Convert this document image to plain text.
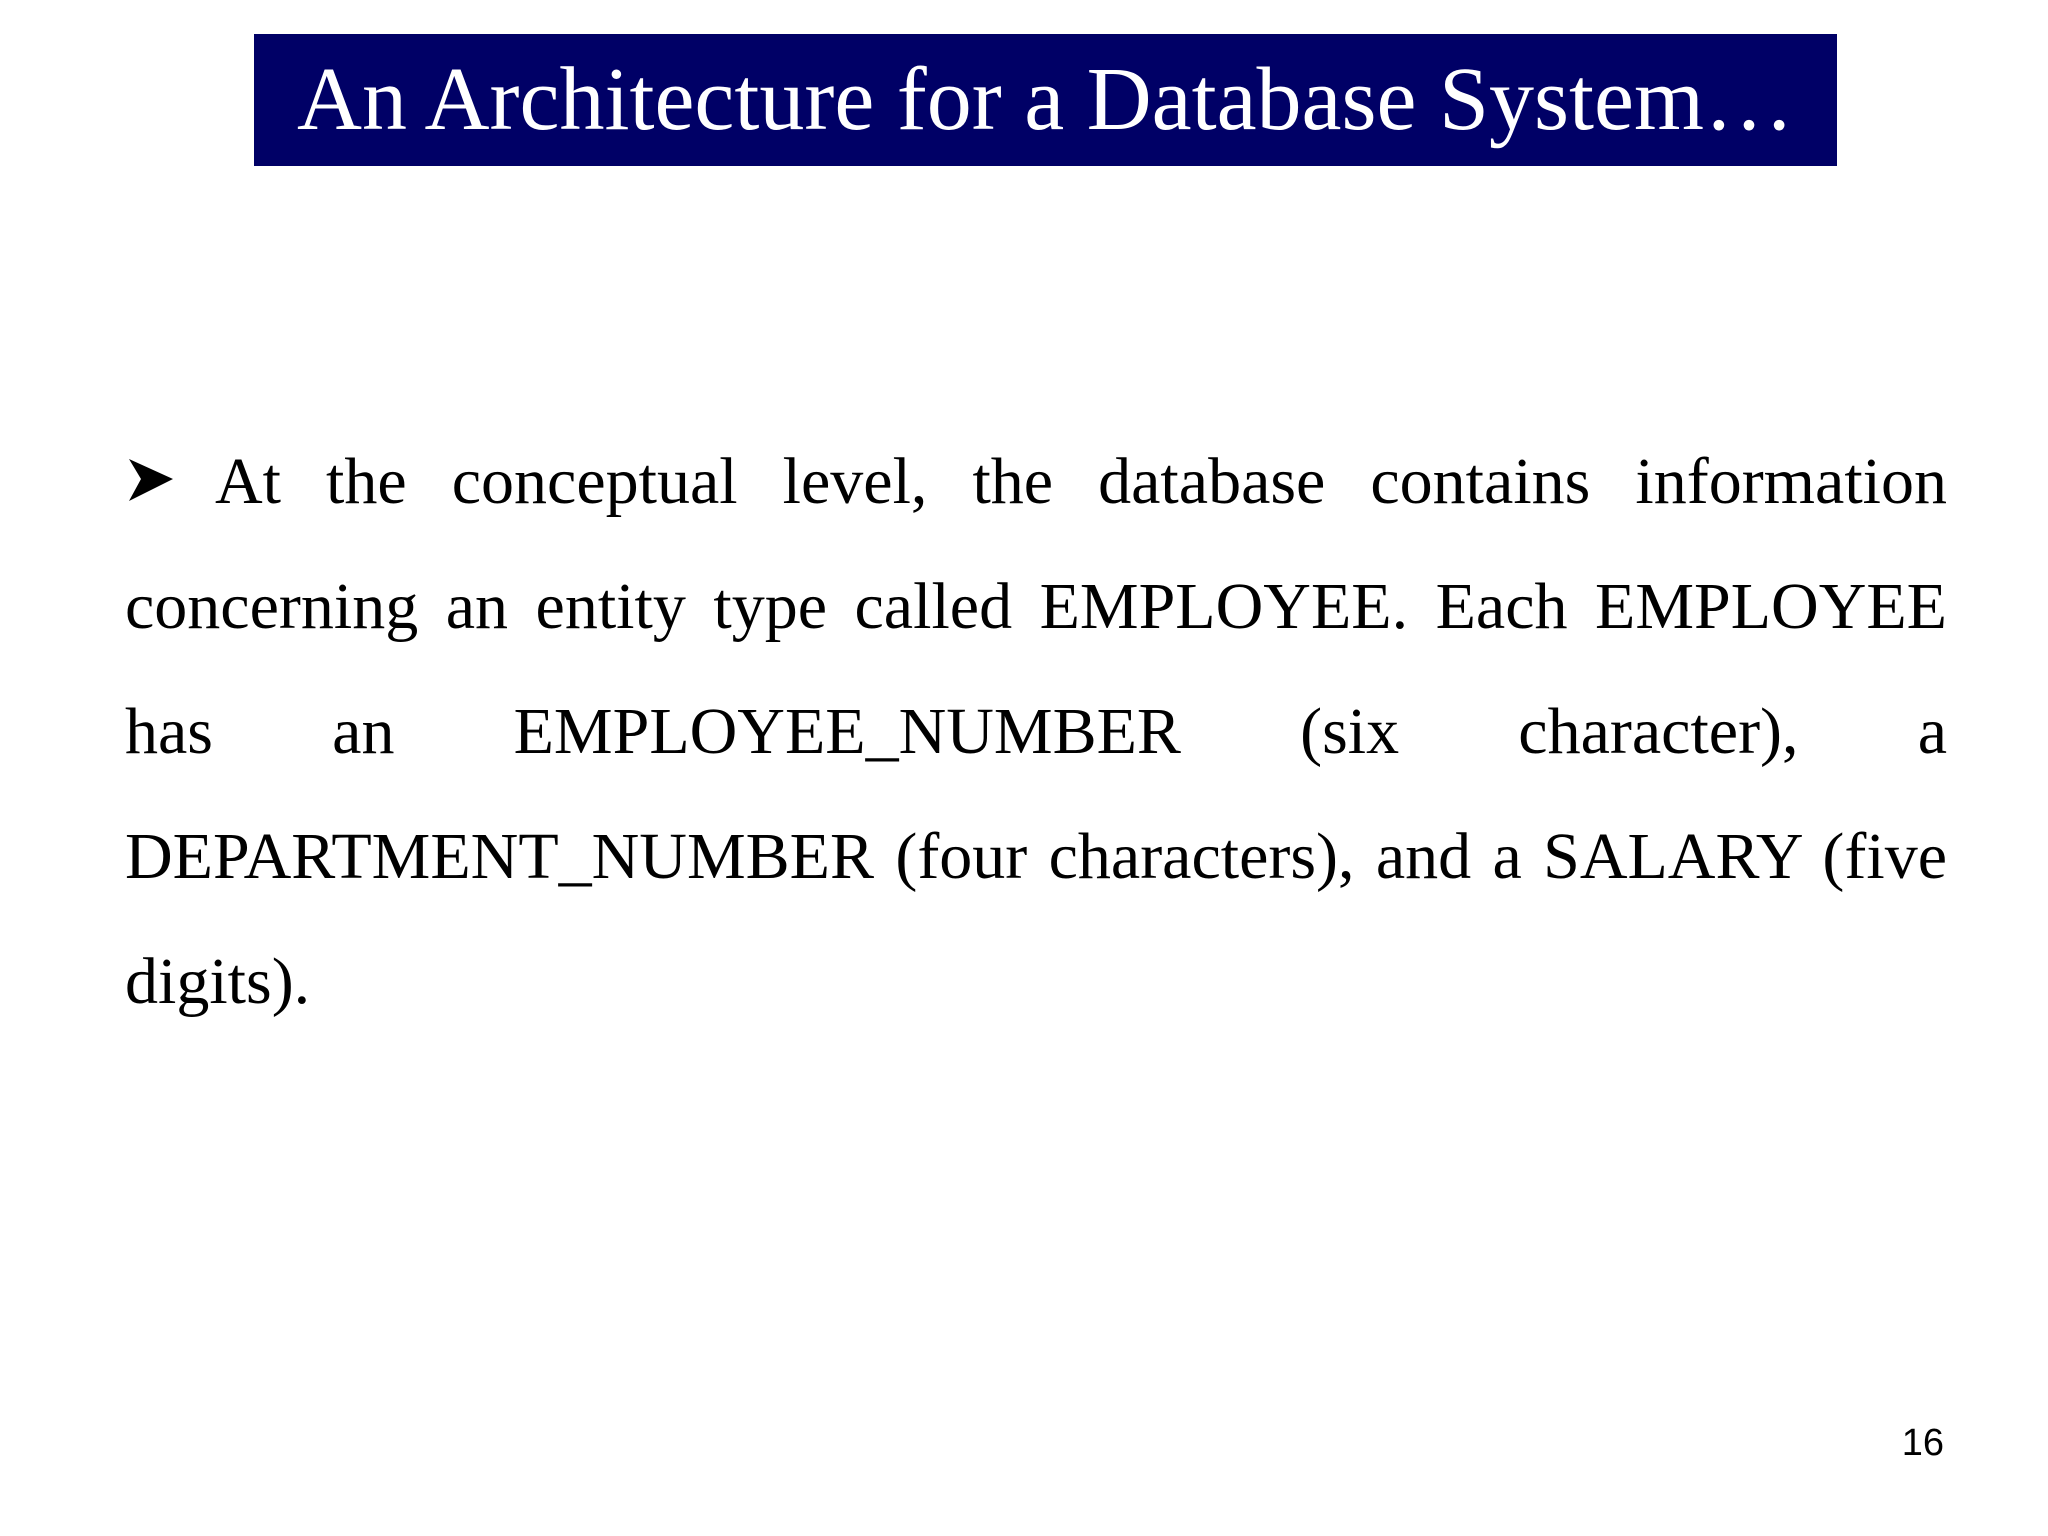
An Architecture for a Database System…

At the conceptual level, the database contains information concerning an entity type called EMPLOYEE. Each EMPLOYEE has an EMPLOYEE_NUMBER (six character), a DEPARTMENT_NUMBER (four characters), and a SALARY (five digits).

16
